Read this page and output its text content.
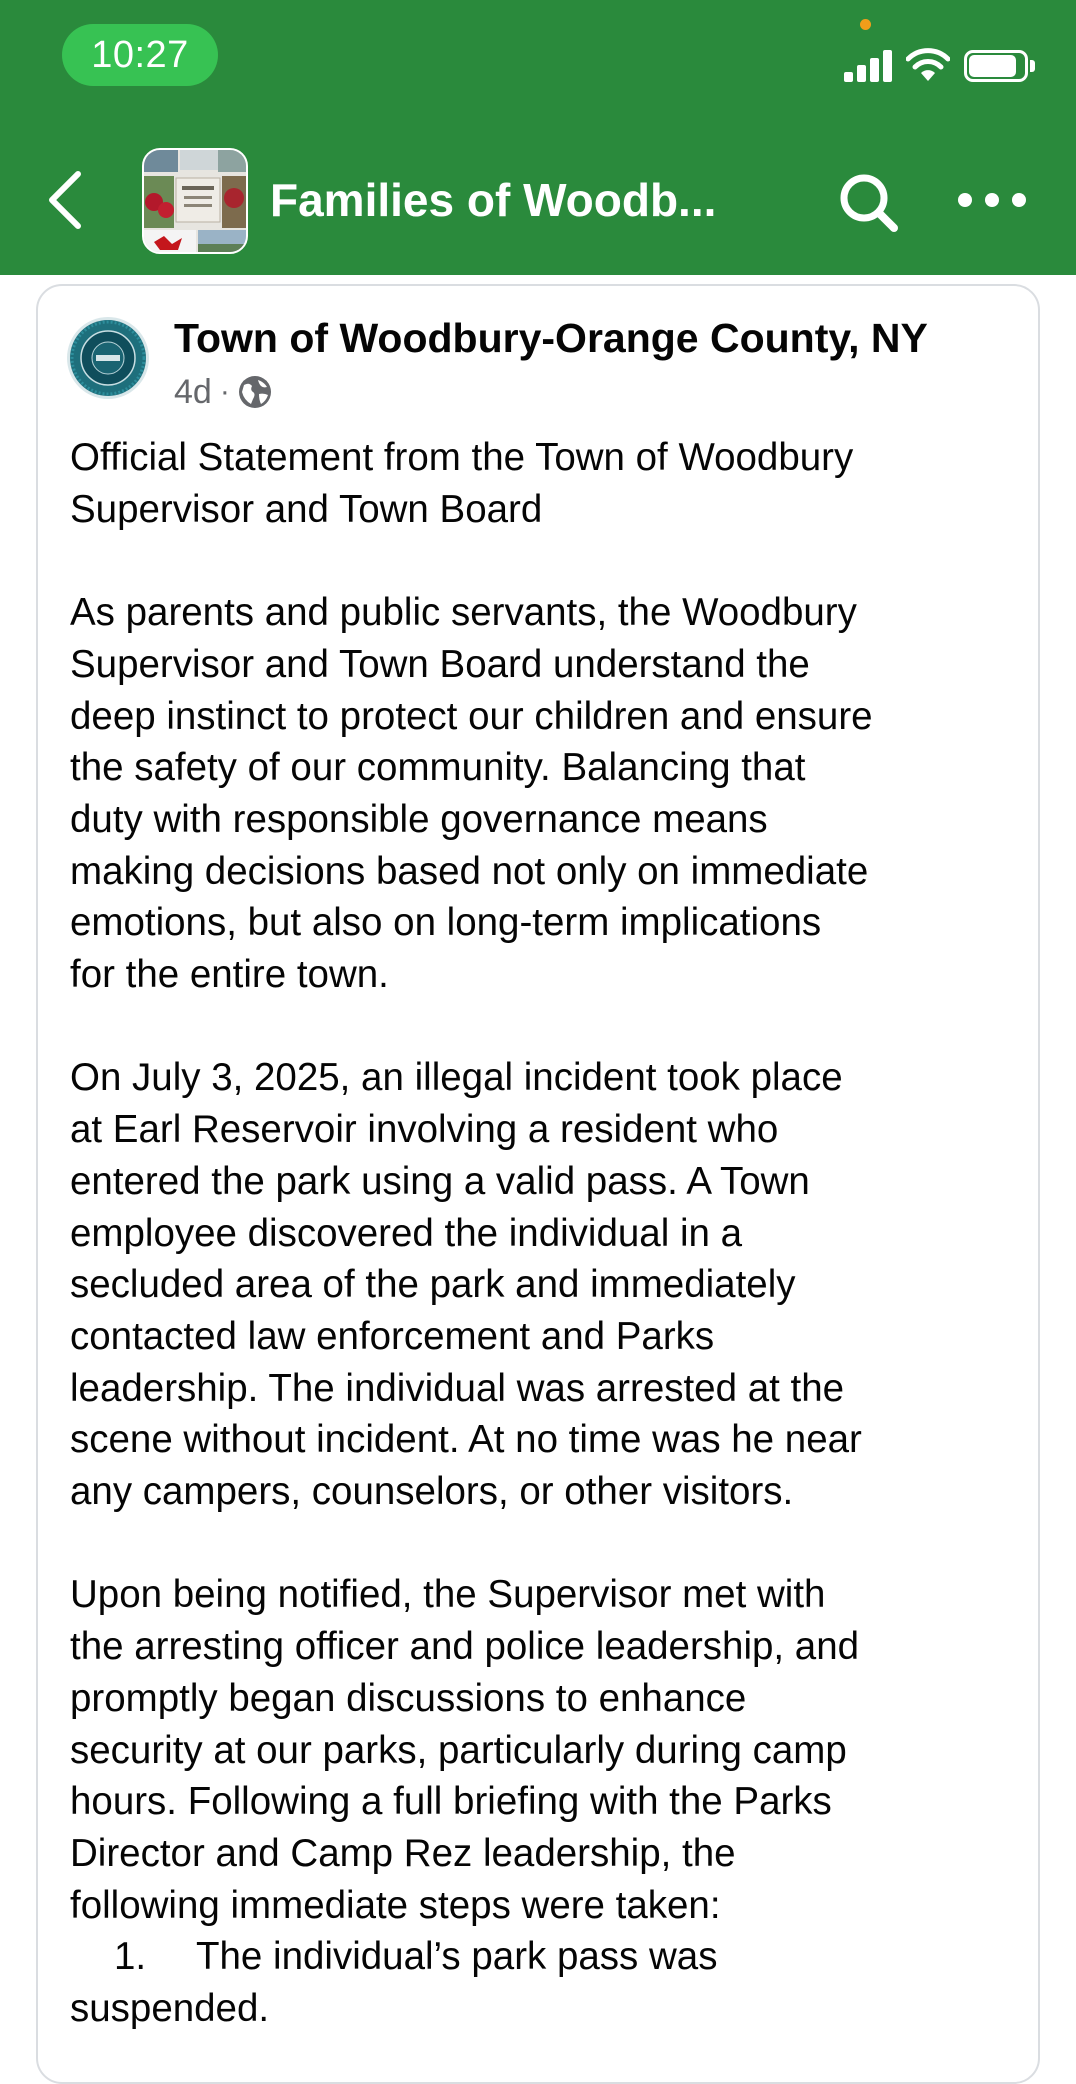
10:27
Families of Woodb...
Town of Woodbury-Orange County, NY
4d ·

Official Statement from the Town of Woodbury

Supervisor and Town Board

As parents and public servants, the Woodbury

Supervisor and Town Board understand the

deep instinct to protect our children and ensure

the safety of our community. Balancing that

duty with responsible governance means

making decisions based not only on immediate

emotions, but also on long-term implications

for the entire town.

On July 3, 2025, an illegal incident took place

at Earl Reservoir involving a resident who

entered the park using a valid pass. A Town

employee discovered the individual in a

secluded area of the park and immediately

contacted law enforcement and Parks

leadership. The individual was arrested at the

scene without incident. At no time was he near

any campers, counselors, or other visitors.

Upon being notified, the Supervisor met with

the arresting officer and police leadership, and

promptly began discussions to enhance

security at our parks, particularly during camp

hours. Following a full briefing with the Parks

Director and Camp Rez leadership, the

following immediate steps were taken:

1.	The individual’s park pass was

suspended.
